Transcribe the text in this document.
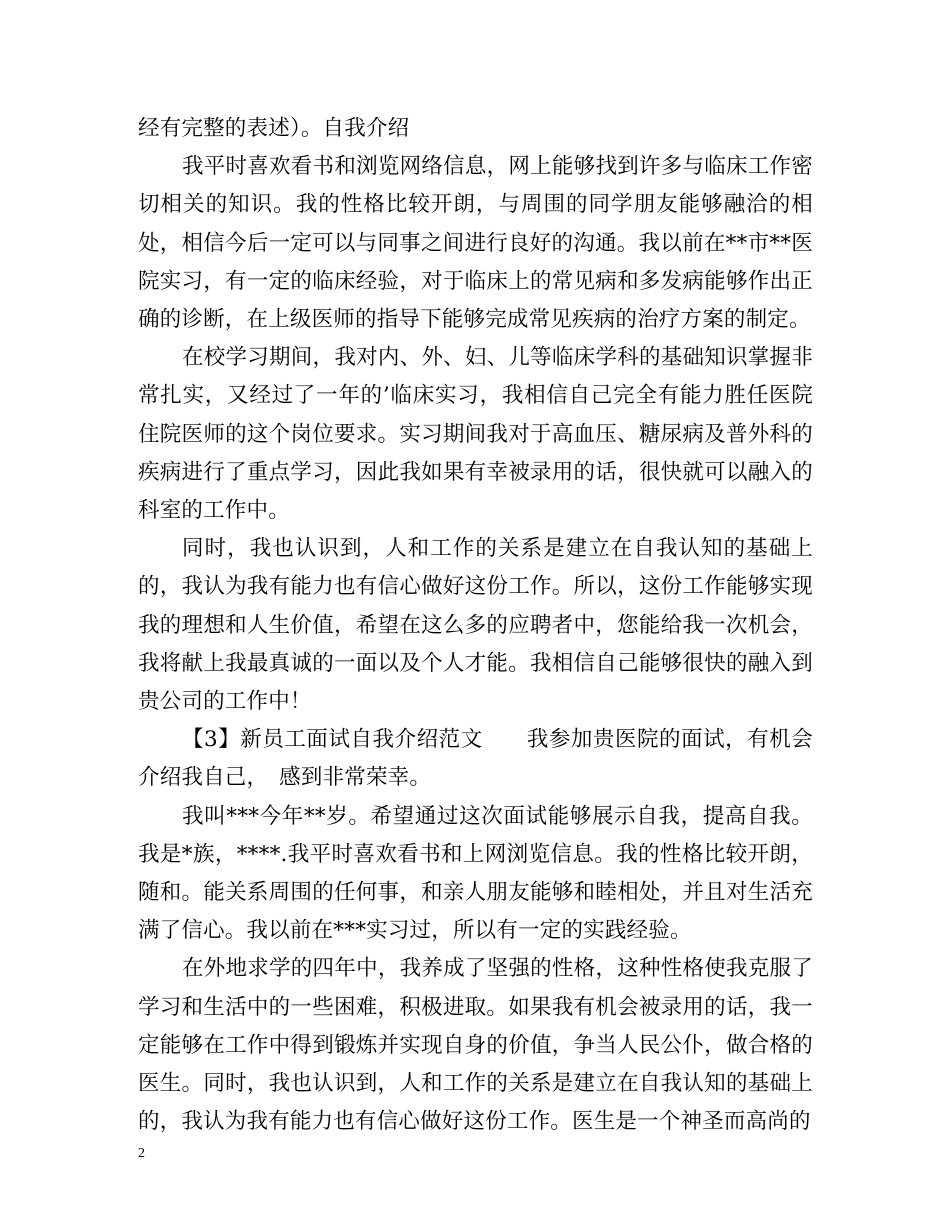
经有完整的表述）。自我介绍

我平时喜欢看书和浏览网络信息，网上能够找到许多与临床工作密切相关的知识。我的性格比较开朗，与周围的同学朋友能够融洽的相处，相信今后一定可以与同事之间进行良好的沟通。我以前在**市**医院实习，有一定的临床经验，对于临床上的常见病和多发病能够作出正确的诊断，在上级医师的指导下能够完成常见疾病的治疗方案的制定。

在校学习期间，我对内、外、妇、儿等临床学科的基础知识掌握非常扎实，又经过了一年的’临床实习，我相信自己完全有能力胜任医院住院医师的这个岗位要求。实习期间我对于高血压、糖尿病及普外科的疾病进行了重点学习，因此我如果有幸被录用的话，很快就可以融入的科室的工作中。

同时，我也认识到，人和工作的关系是建立在自我认知的基础上的，我认为我有能力也有信心做好这份工作。所以，这份工作能够实现我的理想和人生价值，希望在这么多的应聘者中，您能给我一次机会，我将献上我最真诚的一面以及个人才能。我相信自己能够很快的融入到贵公司的工作中！

【3】新员工面试自我介绍范文　　我参加贵医院的面试，有机会介绍我自己，　感到非常荣幸。

我叫***今年**岁。希望通过这次面试能够展示自我，提高自我。我是*族，****.我平时喜欢看书和上网浏览信息。我的性格比较开朗，随和。能关系周围的任何事，和亲人朋友能够和睦相处，并且对生活充满了信心。我以前在***实习过，所以有一定的实践经验。

在外地求学的四年中，我养成了坚强的性格，这种性格使我克服了学习和生活中的一些困难，积极进取。如果我有机会被录用的话，我一定能够在工作中得到锻炼并实现自身的价值，争当人民公仆，做合格的医生。同时，我也认识到，人和工作的关系是建立在自我认知的基础上的，我认为我有能力也有信心做好这份工作。医生是一个神圣而高尚的

2
